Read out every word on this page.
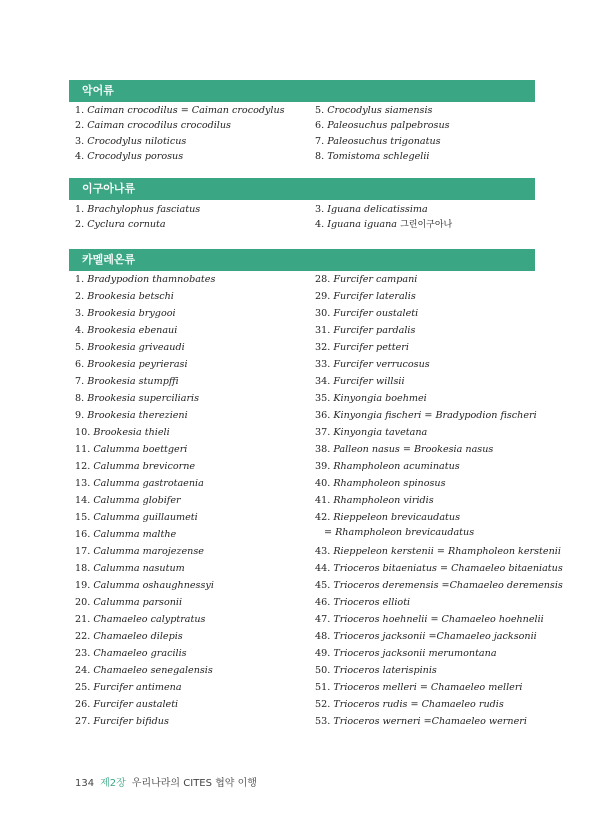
악어류
1. Caiman crocodilus = Caiman crocodylus
2. Caiman crocodilus crocodilus
3. Crocodylus niloticus
4. Crocodylus porosus
5. Crocodylus siamensis
6. Paleosuchus palpebrosus
7. Paleosuchus trigonatus
8. Tomistoma schlegelii
이구아나류
1. Brachylophus fasciatus
2. Cyclura cornuta
3. Iguana delicatissima
4. Iguana iguana 그린이구아나
카멜레온류
1. Bradypodion thamnobates
2. Brookesia betschi
3. Brookesia brygooi
4. Brookesia ebenaui
5. Brookesia griveaudi
6. Brookesia peyrierasi
7. Brookesia stumpffi
8. Brookesia superciliaris
9. Brookesia therezieni
10. Brookesia thieli
11. Calumma boettgeri
12. Calumma brevicorne
13. Calumma gastrotaenia
14. Calumma globifer
15. Calumma guillaumeti
16. Calumma malthe
17. Calumma marojezense
18. Calumma nasutum
19. Calumma oshaughnessyi
20. Calumma parsonii
21. Chamaeleo calyptratus
22. Chamaeleo dilepis
23. Chamaeleo gracilis
24. Chamaeleo senegalensis
25. Furcifer antimena
26. Furcifer austaleti
27. Furcifer bifidus
28. Furcifer campani
29. Furcifer lateralis
30. Furcifer oustaleti
31. Furcifer pardalis
32. Furcifer petteri
33. Furcifer verrucosus
34. Furcifer willsii
35. Kinyongia boehmei
36. Kinyongia fischeri = Bradypodion fischeri
37. Kinyongia tavetana
38. Palleon nasus = Brookesia nasus
39. Rhampholeon acuminatus
40. Rhampholeon spinosus
41. Rhampholeon viridis
42. Rieppeleon brevicaudatus
= Rhampholeon brevicaudatus
43. Rieppeleon kerstenii = Rhampholeon kerstenii
44. Trioceros bitaeniatus = Chamaeleo bitaeniatus
45. Trioceros deremensis =Chamaeleo deremensis
46. Trioceros ellioti
47. Trioceros hoehnelii = Chamaeleo hoehnelii
48. Trioceros jacksonii =Chamaeleo jacksonii
49. Trioceros jacksonii merumontana
50. Trioceros laterispinis
51. Trioceros melleri = Chamaeleo melleri
52. Trioceros rudis = Chamaeleo rudis
53. Trioceros werneri =Chamaeleo werneri
134 제2장 우리나라의 CITES 협약 이행
